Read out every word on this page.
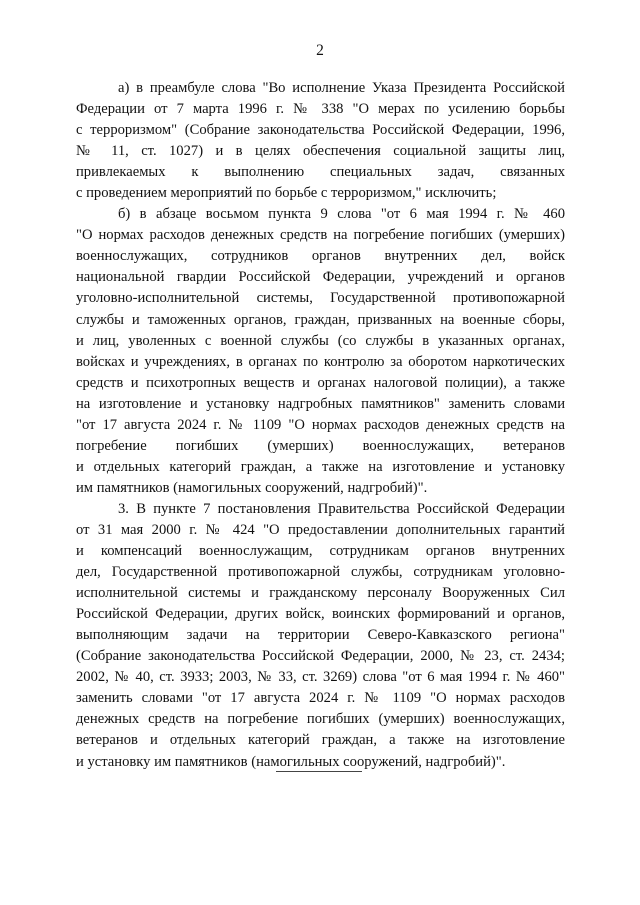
2
а) в преамбуле слова "Во исполнение Указа Президента Российской
Федерации от 7 марта 1996 г. № 338 "О мерах по усилению борьбы
с терроризмом" (Собрание законодательства Российской Федерации, 1996,
№ 11, ст. 1027) и в целях обеспечения социальной защиты лиц,
привлекаемых к выполнению специальных задач, связанных
с проведением мероприятий по борьбе с терроризмом," исключить;
б) в абзаце восьмом пункта 9 слова "от 6 мая 1994 г. № 460
"О нормах расходов денежных средств на погребение погибших (умерших)
военнослужащих, сотрудников органов внутренних дел, войск
национальной гвардии Российской Федерации, учреждений и органов
уголовно-исполнительной системы, Государственной противопожарной
службы и таможенных органов, граждан, призванных на военные сборы,
и лиц, уволенных с военной службы (со службы в указанных органах,
войсках и учреждениях, в органах по контролю за оборотом наркотических
средств и психотропных веществ и органах налоговой полиции), а также
на изготовление и установку надгробных памятников" заменить словами
"от 17 августа 2024 г. № 1109 "О нормах расходов денежных средств на
погребение погибших (умерших) военнослужащих, ветеранов
и отдельных категорий граждан, а также на изготовление и установку
им памятников (намогильных сооружений, надгробий)".
3. В пункте 7 постановления Правительства Российской Федерации
от 31 мая 2000 г. № 424 "О предоставлении дополнительных гарантий
и компенсаций военнослужащим, сотрудникам органов внутренних
дел, Государственной противопожарной службы, сотрудникам уголовно-
исполнительной системы и гражданскому персоналу Вооруженных Сил
Российской Федерации, других войск, воинских формирований и органов,
выполняющим задачи на территории Северо-Кавказского региона"
(Собрание законодательства Российской Федерации, 2000, № 23, ст. 2434;
2002, № 40, ст. 3933; 2003, № 33, ст. 3269) слова "от 6 мая 1994 г. № 460"
заменить словами "от 17 августа 2024 г. № 1109 "О нормах расходов
денежных средств на погребение погибших (умерших) военнослужащих,
ветеранов и отдельных категорий граждан, а также на изготовление
и установку им памятников (намогильных сооружений, надгробий)".
